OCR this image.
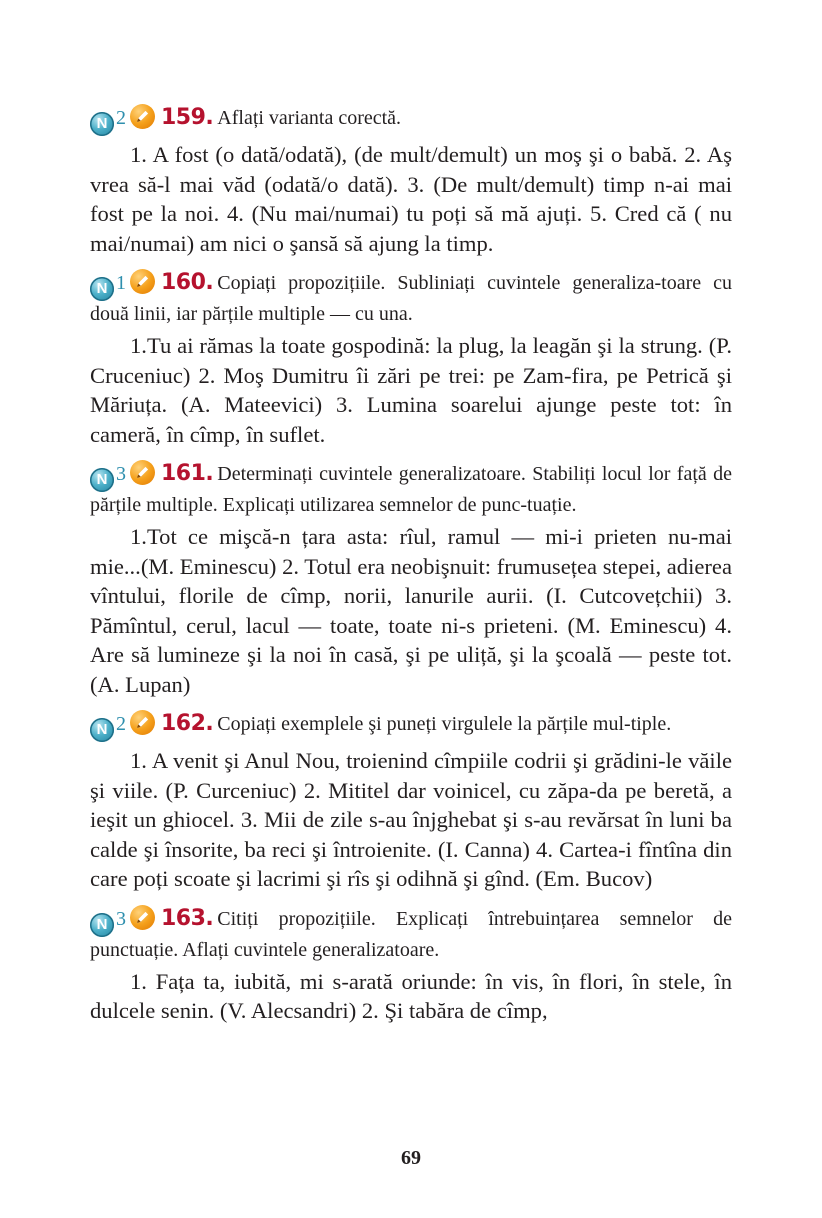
N 2 159. Aflați varianta corectă.

1. A fost (o dată/odată), (de mult/demult) un moş şi o babă. 2. Aş vrea să-l mai văd (odată/o dată). 3. (De mult/demult) timp n-ai mai fost pe la noi. 4. (Nu mai/numai) tu poți să mă ajuți. 5. Cred că ( nu mai/numai) am nici o şansă să ajung la timp.

N 1 160. Copiați propozițiile. Subliniați cuvintele generaliza-toare cu două linii, iar părțile multiple — cu una.

1.Tu ai rămas la toate gospodină: la plug, la leagăn şi la strung. (P. Cruceniuc) 2. Moş Dumitru îi zări pe trei: pe Zam-fira, pe Petrică şi Măriuța. (A. Mateevici) 3. Lumina soarelui ajunge peste tot: în cameră, în cîmp, în suflet.

N 3 161. Determinați cuvintele generalizatoare. Stabiliți locul lor față de părțile multiple. Explicați utilizarea semnelor de punc-tuație.

1.Tot ce mişcă-n țara asta: rîul, ramul — mi-i prieten nu-mai mie...(M. Eminescu) 2. Totul era neobişnuit: frumusețea stepei, adierea vîntului, florile de cîmp, norii, lanurile aurii. (I. Cutcovețchii) 3. Pămîntul, cerul, lacul — toate, toate ni-s prieteni. (M. Eminescu) 4. Are să lumineze şi la noi în casă, şi pe uliță, şi la şcoală — peste tot. (A. Lupan)

N 2 162. Copiați exemplele şi puneți virgulele la părțile mul-tiple.

1. A venit şi Anul Nou, troienind cîmpiile codrii şi grădini-le văile şi viile. (P. Curceniuc) 2. Mititel dar voinicel, cu zăpa-da pe beretă, a ieşit un ghiocel. 3. Mii de zile s-au înjghebat şi s-au revărsat în luni ba calde şi însorite, ba reci şi întroienite. (I. Canna) 4. Cartea-i fîntîna din care poți scoate şi lacrimi şi rîs şi odihnă şi gînd. (Em. Bucov)

N 3 163. Citiți propozițiile. Explicați întrebuințarea semnelor de punctuație. Aflați cuvintele generalizatoare.

1. Fața ta, iubită, mi s-arată oriunde: în vis, în flori, în stele, în dulcele senin. (V. Alecsandri) 2. Şi tabăra de cîmp,

69
